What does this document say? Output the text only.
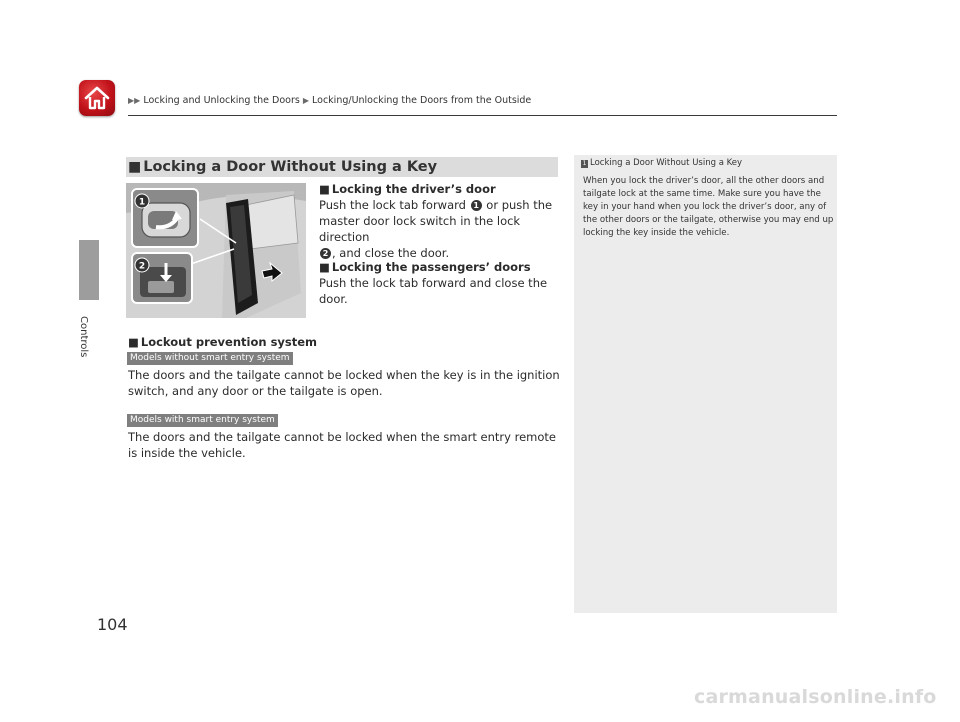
▶▶ Locking and Unlocking the Doors ▶ Locking/Unlocking the Doors from the Outside
Controls
104
■ Locking a Door Without Using a Key
1
2
■ Locking the driver’s door
Push the lock tab forward 1 or push the
master door lock switch in the lock direction
2 , and close the door.
■ Locking the passengers’ doors
Push the lock tab forward and close the door.
■ Lockout prevention system
Models without smart entry system
The doors and the tailgate cannot be locked when the key is in the ignition switch, and any door or the tailgate is open.
Models with smart entry system
The doors and the tailgate cannot be locked when the smart entry remote is inside the vehicle.
1 Locking a Door Without Using a Key
When you lock the driver’s door, all the other doors and tailgate lock at the same time. Make sure you have the key in your hand when you lock the driver’s door, any of the other doors or the tailgate, otherwise you may end up locking the key inside the vehicle.
carmanualsonline.info
